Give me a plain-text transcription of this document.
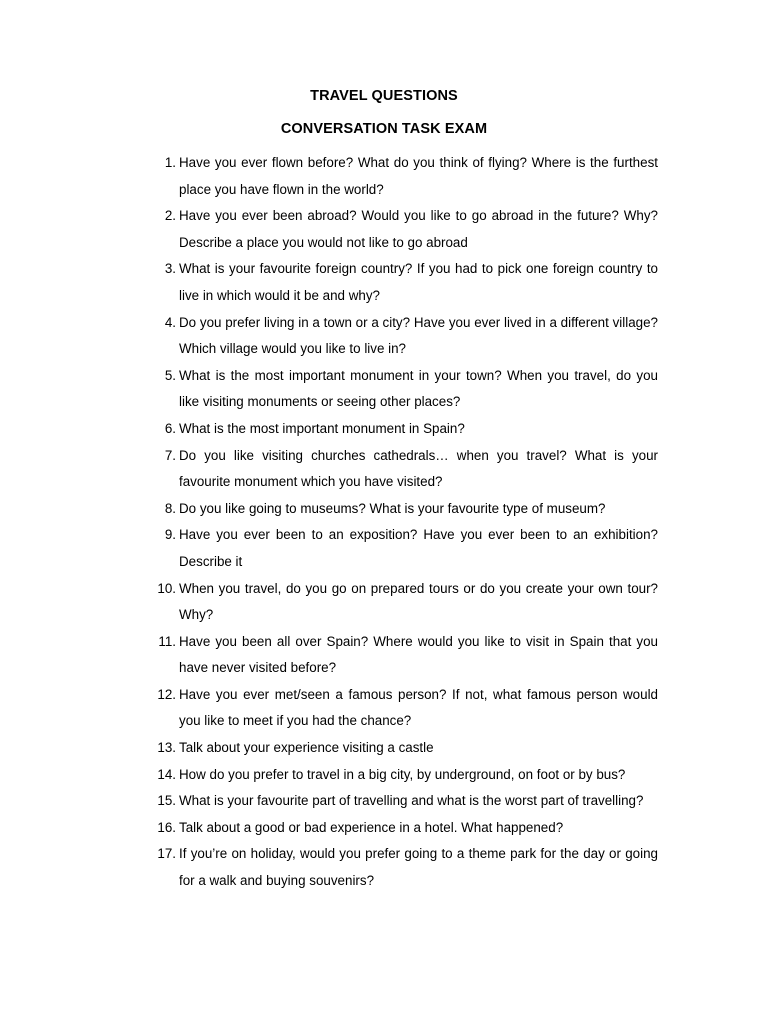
TRAVEL QUESTIONS
CONVERSATION TASK EXAM
1. Have you ever flown before? What do you think of flying? Where is the furthest place you have flown in the world?
2. Have you ever been abroad? Would you like to go abroad in the future? Why? Describe a place you would not like to go abroad
3. What is your favourite foreign country? If you had to pick one foreign country to live in which would it be and why?
4. Do you prefer living in a town or a city? Have you ever lived in a different village? Which village would you like to live in?
5. What is the most important monument in your town? When you travel, do you like visiting monuments or seeing other places?
6. What is the most important monument in Spain?
7. Do you like visiting churches cathedrals… when you travel? What is your favourite monument which you have visited?
8. Do you like going to museums? What is your favourite type of museum?
9. Have you ever been to an exposition? Have you ever been to an exhibition? Describe it
10. When you travel, do you go on prepared tours or do you create your own tour? Why?
11. Have you been all over Spain? Where would you like to visit in Spain that you have never visited before?
12. Have you ever met/seen a famous person? If not, what famous person would you like to meet if you had the chance?
13. Talk about your experience visiting a castle
14. How do you prefer to travel in a big city, by underground, on foot or by bus?
15. What is your favourite part of travelling and what is the worst part of travelling?
16. Talk about a good or bad experience in a hotel. What happened?
17. If you’re on holiday, would you prefer going to a theme park for the day or going for a walk and buying souvenirs?
